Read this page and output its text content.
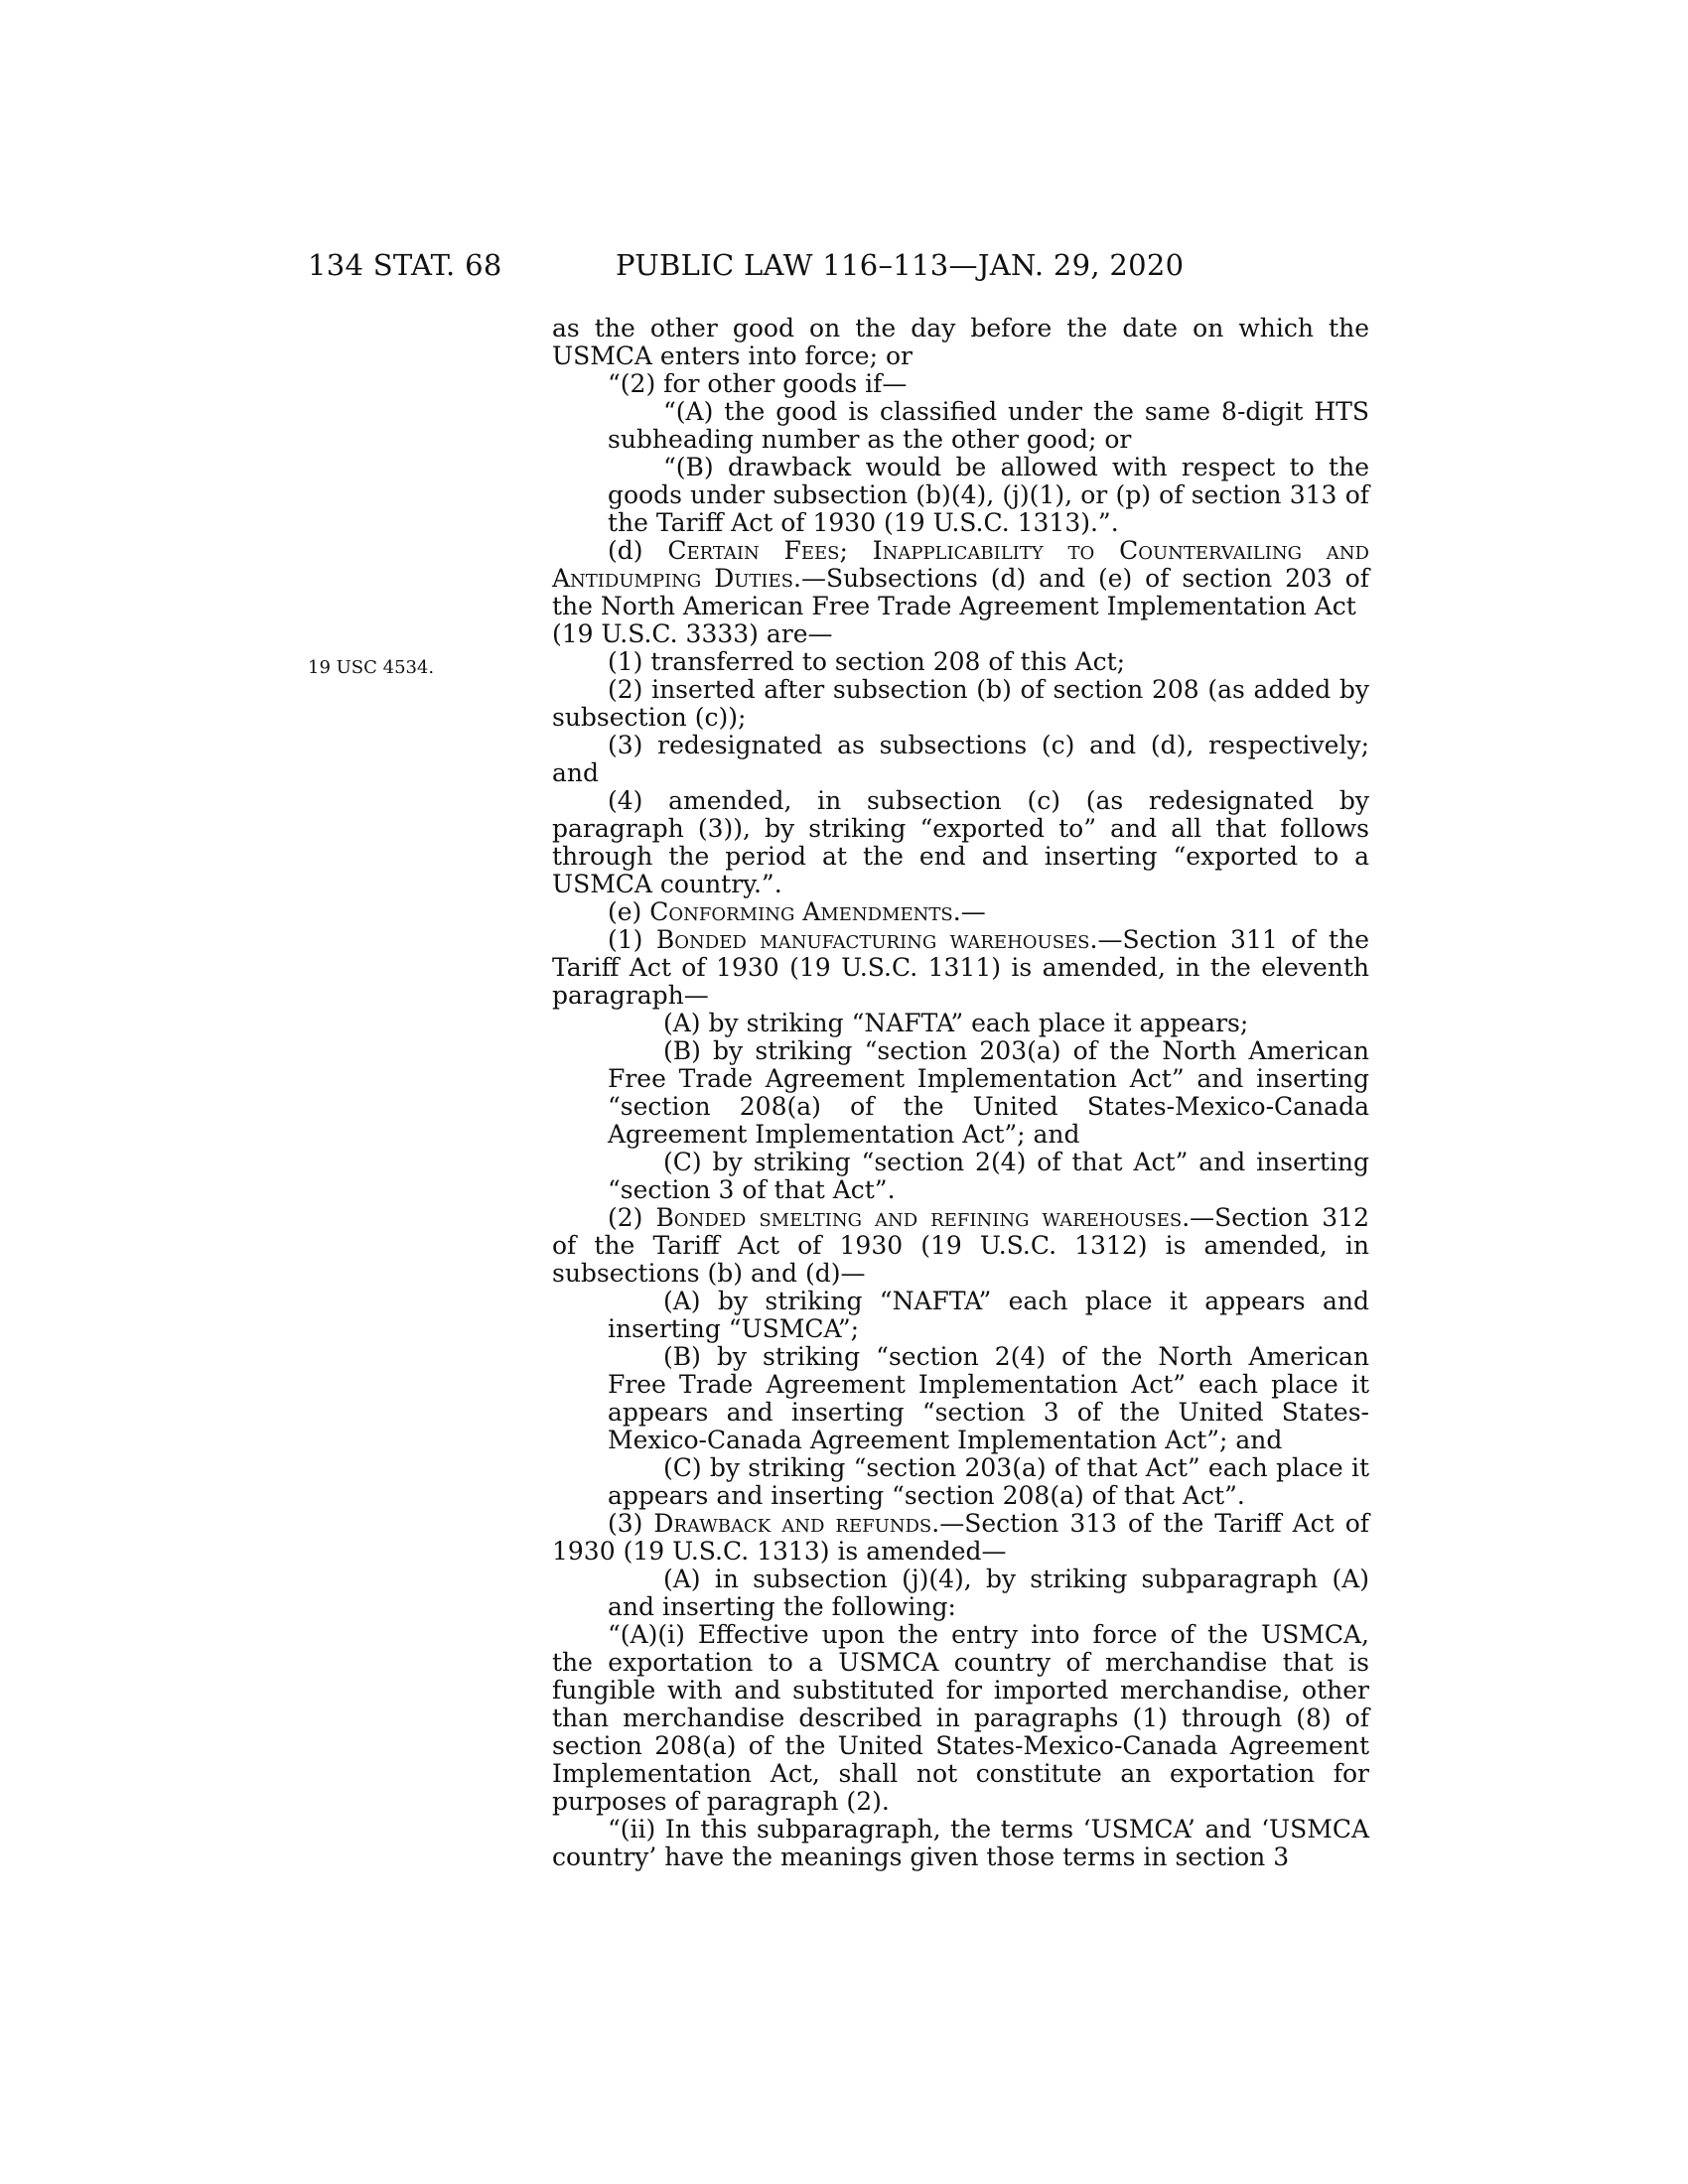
134 STAT. 68	PUBLIC LAW 116–113—JAN. 29, 2020
19 USC 4534.

as the other good on the day before the date on which the USMCA enters into force; or

“(2) for other goods if—

“(A) the good is classified under the same 8-digit HTS subheading number as the other good; or

“(B) drawback would be allowed with respect to the goods under subsection (b)(4), (j)(1), or (p) of section 313 of the Tariff Act of 1930 (19 U.S.C. 1313).”.

(d) Certain Fees; Inapplicability to Countervailing and Antidumping Duties.—Subsections (d) and (e) of section 203 of the North American Free Trade Agreement Implementation Act

(19 U.S.C. 3333) are—

(1) transferred to section 208 of this Act;

(2) inserted after subsection (b) of section 208 (as added by subsection (c));

(3) redesignated as subsections (c) and (d), respectively; and

(4) amended, in subsection (c) (as redesignated by paragraph (3)), by striking “exported to” and all that follows through the period at the end and inserting “exported to a USMCA country.”.

(e) Conforming Amendments.—

(1) Bonded manufacturing warehouses.—Section 311 of the Tariff Act of 1930 (19 U.S.C. 1311) is amended, in the eleventh paragraph—

(A) by striking “NAFTA” each place it appears;

(B) by striking “section 203(a) of the North American Free Trade Agreement Implementation Act” and inserting “section 208(a) of the United States-Mexico-Canada Agreement Implementation Act”; and

(C) by striking “section 2(4) of that Act” and inserting “section 3 of that Act”.

(2) Bonded smelting and refining warehouses.—Section 312 of the Tariff Act of 1930 (19 U.S.C. 1312) is amended, in subsections (b) and (d)—

(A) by striking “NAFTA” each place it appears and inserting “USMCA”;

(B) by striking “section 2(4) of the North American Free Trade Agreement Implementation Act” each place it appears and inserting “section 3 of the United States-Mexico-Canada Agreement Implementation Act”; and

(C) by striking “section 203(a) of that Act” each place it appears and inserting “section 208(a) of that Act”.

(3) Drawback and refunds.—Section 313 of the Tariff Act of 1930 (19 U.S.C. 1313) is amended—

(A) in subsection (j)(4), by striking subparagraph (A) and inserting the following:

“(A)(i) Effective upon the entry into force of the USMCA, the exportation to a USMCA country of merchandise that is fungible with and substituted for imported merchandise, other than merchandise described in paragraphs (1) through (8) of section 208(a) of the United States-Mexico-Canada Agreement Implementation Act, shall not constitute an exportation for purposes of paragraph (2).

“(ii) In this subparagraph, the terms ‘USMCA’ and ‘USMCA country’ have the meanings given those terms in section 3
